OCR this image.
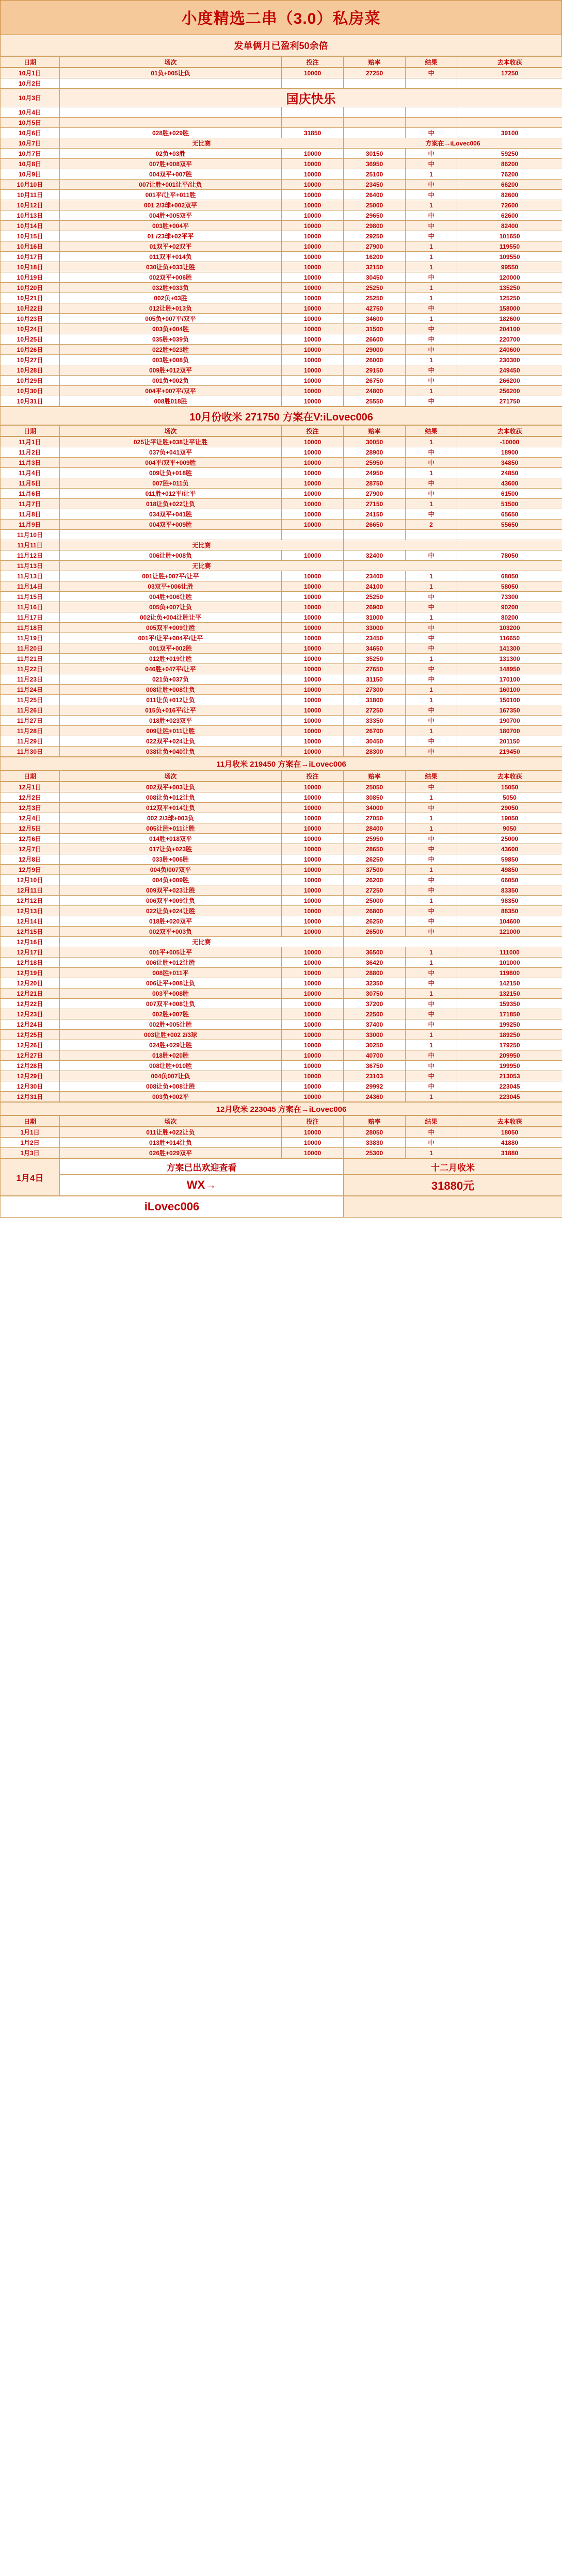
小度精选二串（3.0）私房菜
发单俩月已盈利50余倍
日期	场次	投注	赔率	结果	去本收获
10月1日	01负+005让负	10000	27250	中	17250
10月2日					
10月3日	国庆快乐				
10月4日					
10月5日					
10月6日	028胜+029胜	31850		中	39100
10月7日	无比赛		方案在→iLovec006		
10月7日	02负+03胜	10000	30150	中	59250
10月8日	007胜+008双平	10000	36950	中	86200
10月9日	004双平+007胜	10000	25100	1	76200
10月10日	007让胜+001让平/让负	10000	23450	中	66200
10月11日	001平/让平+011胜	10000	26400	中	82600
10月12日	001 2/3球+002双平	10000	25000	1	72600
10月13日	004胜+005双平	10000	29650	中	62600
10月14日	003胜+004平	10000	29800	中	82400
10月15日	01 /23球+02平平	10000	29250	中	101650
10月16日	01双平+02双平	10000	27900	1	119550
10月17日	011双平+014负	10000	16200	1	109550
10月18日	030让负+033让胜	10000	32150	1	99550
10月19日	002双平+006胜	10000	30450	中	120000
10月20日	032胜+033负	10000	25250	1	135250
10月21日	002负+03胜	10000	25250	1	125250
10月22日	012让胜+013负	10000	42750	中	158000
10月23日	005负+007平/双平	10000	34600	1	182600
10月24日	003负+004胜	10000	31500	中	204100
10月25日	035胜+039负	10000	26600	中	220700
10月26日	022胜+023胜	10000	29000	中	240600
10月27日	003胜+008负	10000	26000	1	230300
10月28日	009胜+012双平	10000	29150	中	249450
10月29日	001负+002负	10000	26750	中	266200
10月30日	004平+007平/双平	10000	24800	1	256200
10月31日	008胜018胜	10000	25550	中	271750
10月份收米 271750 方案在V:iLovec006
日期	场次	投注	赔率	结果	去本收获
11月1日	025让平让胜+038让平让胜	10000	30050	1	-10000
11月2日	037负+041双平	10000	28900	中	18900
11月3日	004平/双平+009胜	10000	25950	中	34850
11月4日	009让负+018胜	10000	24950	1	24850
11月5日	007胜+011负	10000	28750	中	43600
11月6日	011胜+012平/让平	10000	27900	中	61500
11月7日	018让负+022让负	10000	27150	1	51500
11月8日	034双平+041胜	10000	24150	中	65650
11月9日	004双平+009胜	10000	26650	2	55650
11月10日					
11月11日	无比赛				
11月12日	006让胜+008负	10000	32400	中	78050
11月13日	无比赛				
11月13日	001让胜+007平/让平	10000	23400	1	68050
11月14日	03双平+006让胜	10000	24100	1	58050
11月15日	004胜+006让胜	10000	25250	中	73300
11月16日	005负+007让负	10000	26900	中	90200
11月17日	002让负+004让胜让平	10000	31000	1	80200
11月18日	005双平+009让胜	10000	33000	中	103200
11月19日	001平/让平+004平/让平	10000	23450	中	116650
11月20日	001双平+002胜	10000	34650	中	141300
11月21日	012胜+019让胜	10000	35250	1	131300
11月22日	046胜+047平/让平	10000	27650	中	148950
11月23日	021负+037负	10000	31150	中	170100
11月24日	008让胜+008让负	10000	27300	1	160100
11月25日	011让负+012让负	10000	31800	1	150100
11月26日	015负+016平/让平	10000	27250	中	167350
11月27日	018胜+023双平	10000	33350	中	190700
11月28日	009让胜+011让胜	10000	26700	1	180700
11月29日	022双平+024让负	10000	30450	中	201150
11月30日	038让负+040让负	10000	28300	中	219450
11月收米 219450 方案在→iLovec006
日期	场次	投注	赔率	结果	去本收获
12月1日	002双平+003让负	10000	25050	中	15050
12月2日	008让负+012让负	10000	30850	1	5050
12月3日	012双平+014让负	10000	34000	中	29050
12月4日	002 2/3球+003负	10000	27050	1	19050
12月5日	005让胜+011让胜	10000	28400	1	9050
12月6日	014胜+018双平	10000	25950	中	25000
12月7日	017让负+023胜	10000	28650	中	43600
12月8日	033胜+006胜	10000	26250	中	59850
12月9日	004负/007双平	10000	37500	1	49850
12月10日	004负+009胜	10000	26200	中	66050
12月11日	009双平+023让胜	10000	27250	中	83350
12月12日	006双平+009让负	10000	25000	1	98350
12月13日	022让负+024让胜	10000	26800	中	88350
12月14日	018胜+020双平	10000	26250	中	104600
12月15日	002双平+003负	10000	26500	中	121000
12月16日	无比赛				
12月17日	001平+005让平	10000	36500	1	111000
12月18日	006让胜+012让胜	10000	36420	1	101000
12月19日	008胜+011平	10000	28800	中	119800
12月20日	006让平+008让负	10000	32350	中	142150
12月21日	003平+008胜	10000	30750	1	132150
12月22日	007双平+008让负	10000	37200	中	159350
12月23日	002胜+007胜	10000	22500	中	171850
12月24日	002胜+005让胜	10000	37400	中	199250
12月25日	003让胜+002 2/3球	10000	33000	1	189250
12月26日	024胜+029让胜	10000	30250	1	179250
12月27日	018胜+020胜	10000	40700	中	209950
12月28日	008让胜+010胜	10000	36750	中	199950
12月29日	004负007让负	10000	23103	中	213053
12月30日	008让负+008让胜	10000	29992	中	223045
12月31日	003负+002平	10000	24360	1	223045
12月收米 223045 方案在→iLovec006
日期	场次	投注	赔率	结果	去本收获
1月1日	011让胜+022让负	10000	28050	中	18050
1月2日	013胜+014让负	10000	33830	中	41880
1月3日	026胜+029双平	10000	25300	1	31880
1月4日	方案已出欢迎查看	十二月收米
	WX→	31880元
iLovec006	
